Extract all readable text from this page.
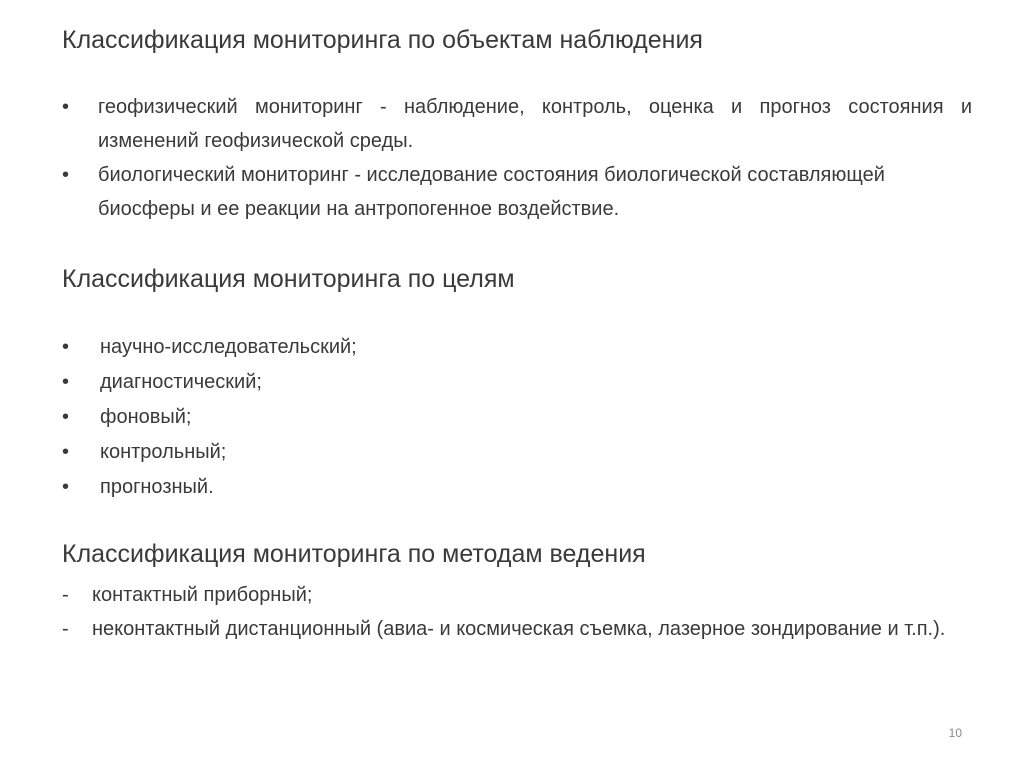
Классификация мониторинга по объектам наблюдения
• геофизический мониторинг - наблюдение, контроль, оценка и прогноз состояния и изменений геофизической среды.
• биологический мониторинг - исследование состояния биологической составляющей биосферы и ее реакции на антропогенное воздействие.
Классификация мониторинга по целям
• научно-исследовательский;
• диагностический;
• фоновый;
• контрольный;
• прогнозный.
Классификация мониторинга по методам ведения
- контактный приборный;
- неконтактный дистанционный (авиа- и космическая съемка, лазерное зондирование и т.п.).
10
